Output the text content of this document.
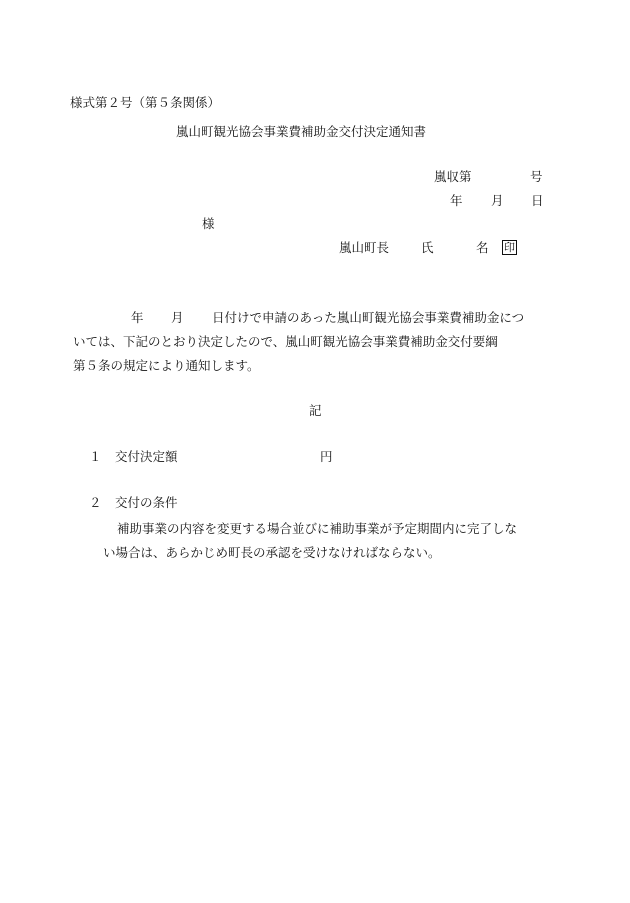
様式第２号（第５条関係）
嵐山町観光協会事業費補助金交付決定通知書
嵐収第	号
年 月 日
様
嵐山町長	氏	名 印
年 月 日付けで申請のあった嵐山町観光協会事業費補助金につ
いては、下記のとおり決定したので、嵐山町観光協会事業費補助金交付要綱
第５条の規定により通知します。
記
１ 交付決定額	円
２ 交付の条件
補助事業の内容を変更する場合並びに補助事業が予定期間内に完了しな
い場合は、あらかじめ町長の承認を受けなければならない。
